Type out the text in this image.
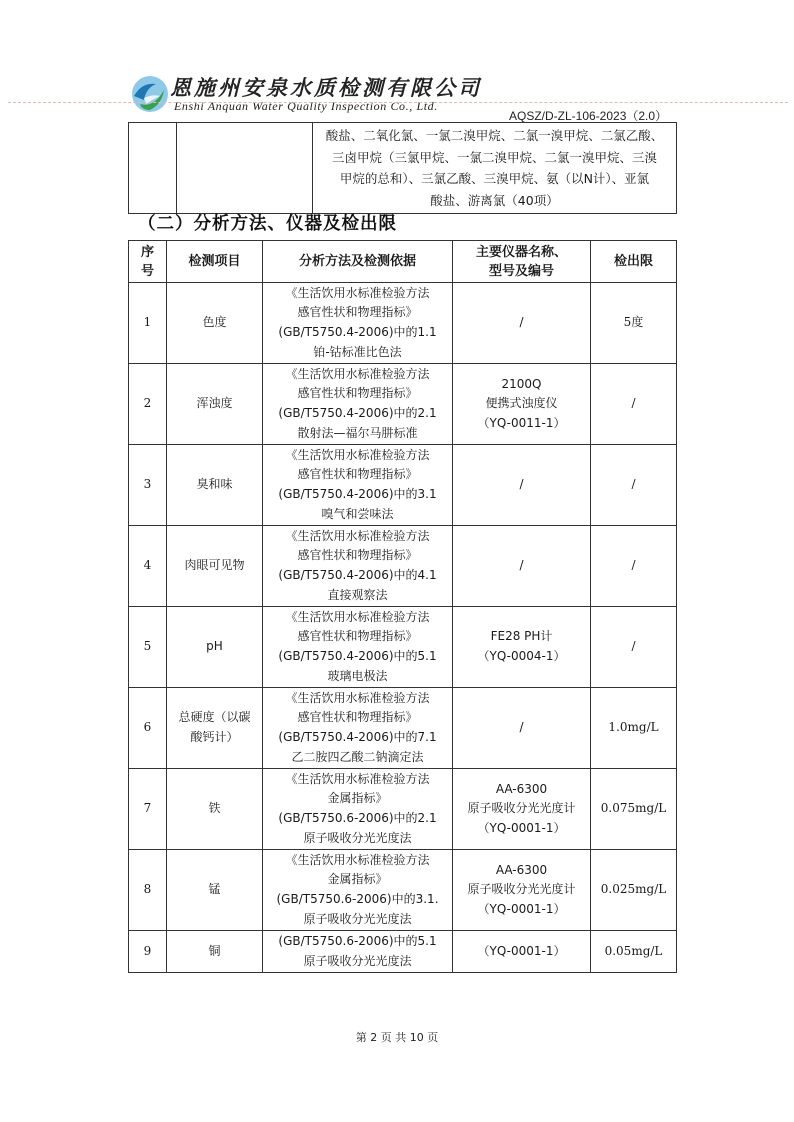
恩施州安泉水质检测有限公司
Enshi Anquan Water Quality Inspection Co., Ltd.
AQSZ/D-ZL-106-2023（2.0）

酸盐、二氧化氯、一氯二溴甲烷、二氯一溴甲烷、二氯乙酸、
三卤甲烷（三氯甲烷、一氯二溴甲烷、二氯一溴甲烷、三溴
甲烷的总和）、三氯乙酸、三溴甲烷、氨（以N计）、亚氯
酸盐、游离氯（40项）
（二）分析方法、仪器及检出限
序
号	检测项目	分析方法及检测依据	主要仪器名称、
型号及编号	检出限
1	色度	《生活饮用水标准检验方法
感官性状和物理指标》
(GB/T5750.4-2006)中的1.1
铂-钴标准比色法	/	5度
2	浑浊度	《生活饮用水标准检验方法
感官性状和物理指标》
(GB/T5750.4-2006)中的2.1
散射法—福尔马肼标准	2100Q
便携式浊度仪
（YQ-0011-1）	/
3	臭和味	《生活饮用水标准检验方法
感官性状和物理指标》
(GB/T5750.4-2006)中的3.1
嗅气和尝味法	/	/
4	肉眼可见物	《生活饮用水标准检验方法
感官性状和物理指标》
(GB/T5750.4-2006)中的4.1
直接观察法	/	/
5	pH	《生活饮用水标准检验方法
感官性状和物理指标》
(GB/T5750.4-2006)中的5.1
玻璃电极法	FE28 PH计
（YQ-0004-1）	/
6	总硬度（以碳
酸钙计）	《生活饮用水标准检验方法
感官性状和物理指标》
(GB/T5750.4-2006)中的7.1
乙二胺四乙酸二钠滴定法	/	1.0mg/L
7	铁	《生活饮用水标准检验方法
金属指标》
(GB/T5750.6-2006)中的2.1
原子吸收分光光度法	AA-6300
原子吸收分光光度计
（YQ-0001-1）	0.075mg/L
8	锰	《生活饮用水标准检验方法
金属指标》
(GB/T5750.6-2006)中的3.1.
原子吸收分光光度法	AA-6300
原子吸收分光光度计
（YQ-0001-1）	0.025mg/L
9	铜	(GB/T5750.6-2006)中的5.1
原子吸收分光光度法	（YQ-0001-1）	0.05mg/L
第 2 页 共 10 页
